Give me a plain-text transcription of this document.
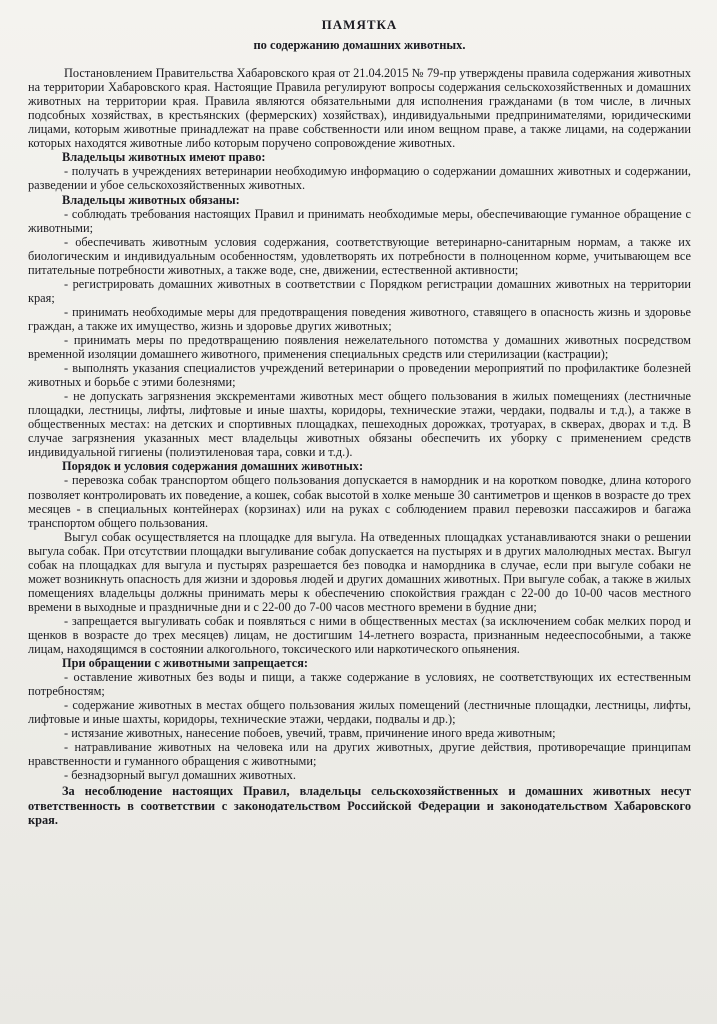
ПАМЯТКА
по содержанию домашних животных.

Постановлением Правительства Хабаровского края от 21.04.2015 № 79-пр утверждены правила содержания животных на территории Хабаровского края. Настоящие Правила регулируют вопросы содержания сельскохозяйственных и домашних животных на территории края. Правила являются обязательными для исполнения гражданами (в том числе, в личных подсобных хозяйствах, в крестьянских (фермерских) хозяйствах), индивидуальными предпринимателями, юридическими лицами, которым животные принадлежат на праве собственности или ином вещном праве, а также лицами, на содержании которых находятся животные либо которым поручено сопровождение животных.

Владельцы животных имеют право:

- получать в учреждениях ветеринарии необходимую информацию о содержании домашних животных и содержании, разведении и убое сельскохозяйственных животных.

Владельцы животных обязаны:

- соблюдать требования настоящих Правил и принимать необходимые меры, обеспечивающие гуманное обращение с животными;

- обеспечивать животным условия содержания, соответствующие ветеринарно-санитарным нормам, а также их биологическим и индивидуальным особенностям, удовлетворять их потребности в полноценном корме, учитывающем все питательные потребности животных, а также воде, сне, движении, естественной активности;

- регистрировать домашних животных в соответствии с Порядком регистрации домашних животных на территории края;

- принимать необходимые меры для предотвращения поведения животного, ставящего в опасность жизнь и здоровье граждан, а также их имущество, жизнь и здоровье других животных;

- принимать меры по предотвращению появления нежелательного потомства у домашних животных посредством временной изоляции домашнего животного, применения специальных средств или стерилизации (кастрации);

- выполнять указания специалистов учреждений ветеринарии о проведении мероприятий по профилактике болезней животных и борьбе с этими болезнями;

- не допускать загрязнения экскрементами животных мест общего пользования в жилых помещениях (лестничные площадки, лестницы, лифты, лифтовые и иные шахты, коридоры, технические этажи, чердаки, подвалы и т.д.), а также в общественных местах: на детских и спортивных площадках, пешеходных дорожках, тротуарах, в скверах, дворах и т.д. В случае загрязнения указанных мест владельцы животных обязаны обеспечить их уборку с применением средств индивидуальной гигиены (полиэтиленовая тара, совки и т.д.).

Порядок и условия содержания домашних животных:

- перевозка собак транспортом общего пользования допускается в намордник и на коротком поводке, длина которого позволяет контролировать их поведение, а кошек, собак высотой в холке меньше 30 сантиметров и щенков в возрасте до трех месяцев - в специальных контейнерах (корзинах) или на руках с соблюдением правил перевозки пассажиров и багажа транспортом общего пользования.

Выгул собак осуществляется на площадке для выгула. На отведенных площадках устанавливаются знаки о решении выгула собак. При отсутствии площадки выгуливание собак допускается на пустырях и в других малолюдных местах. Выгул собак на площадках для выгула и пустырях разрешается без поводка и намордника в случае, если при выгуле собаки не может возникнуть опасность для жизни и здоровья людей и других домашних животных. При выгуле собак, а также в жилых помещениях владельцы должны принимать меры к обеспечению спокойствия граждан с 22-00 до 10-00 часов местного времени в выходные и праздничные дни и с 22-00 до 7-00 часов местного времени в будние дни;

- запрещается выгуливать собак и появляться с ними в общественных местах (за исключением собак мелких пород и щенков в возрасте до трех месяцев) лицам, не достигшим 14-летнего возраста, признанным недееспособными, а также лицам, находящимся в состоянии алкогольного, токсического или наркотического опьянения.

При обращении с животными запрещается:

- оставление животных без воды и пищи, а также содержание в условиях, не соответствующих их естественным потребностям;

- содержание животных в местах общего пользования жилых помещений (лестничные площадки, лестницы, лифты, лифтовые и иные шахты, коридоры, технические этажи, чердаки, подвалы и др.);

- истязание животных, нанесение побоев, увечий, травм, причинение иного вреда животным;

- натравливание животных на человека или на других животных, другие действия, противоречащие принципам нравственности и гуманного обращения с животными;

- безнадзорный выгул домашних животных.

За несоблюдение настоящих Правил, владельцы сельскохозяйственных и домашних животных несут ответственность в соответствии с законодательством Российской Федерации и законодательством Хабаровского края.
